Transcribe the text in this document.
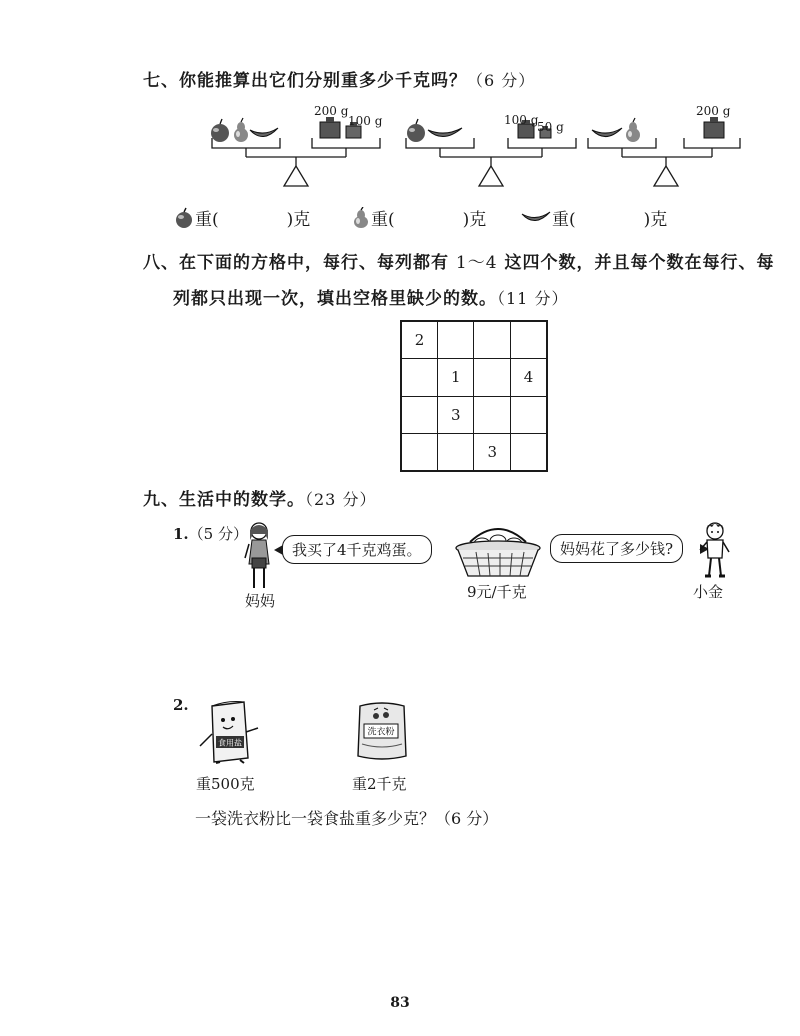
七、你能推算出它们分别重多少千克吗？（6 分）
200 g
100 g	100 g
50 g
200 g
重(	)克	重(	)克	重(	)克
八、在下面的方格中，每行、每列都有 1～4 这四个数，并且每个数在每行、每
列都只出现一次，填出空格里缺少的数。（11 分）
2			
	1		4
	3		
		3	
九、生活中的数学。（23 分）
1.（5 分）
我买了4千克鸡蛋。
妈妈	9元/千克
妈妈花了多少钱?
小金
2.
食用盐
重500克
洗衣粉
重2千克
一袋洗衣粉比一袋食盐重多少克？（6 分）
83
